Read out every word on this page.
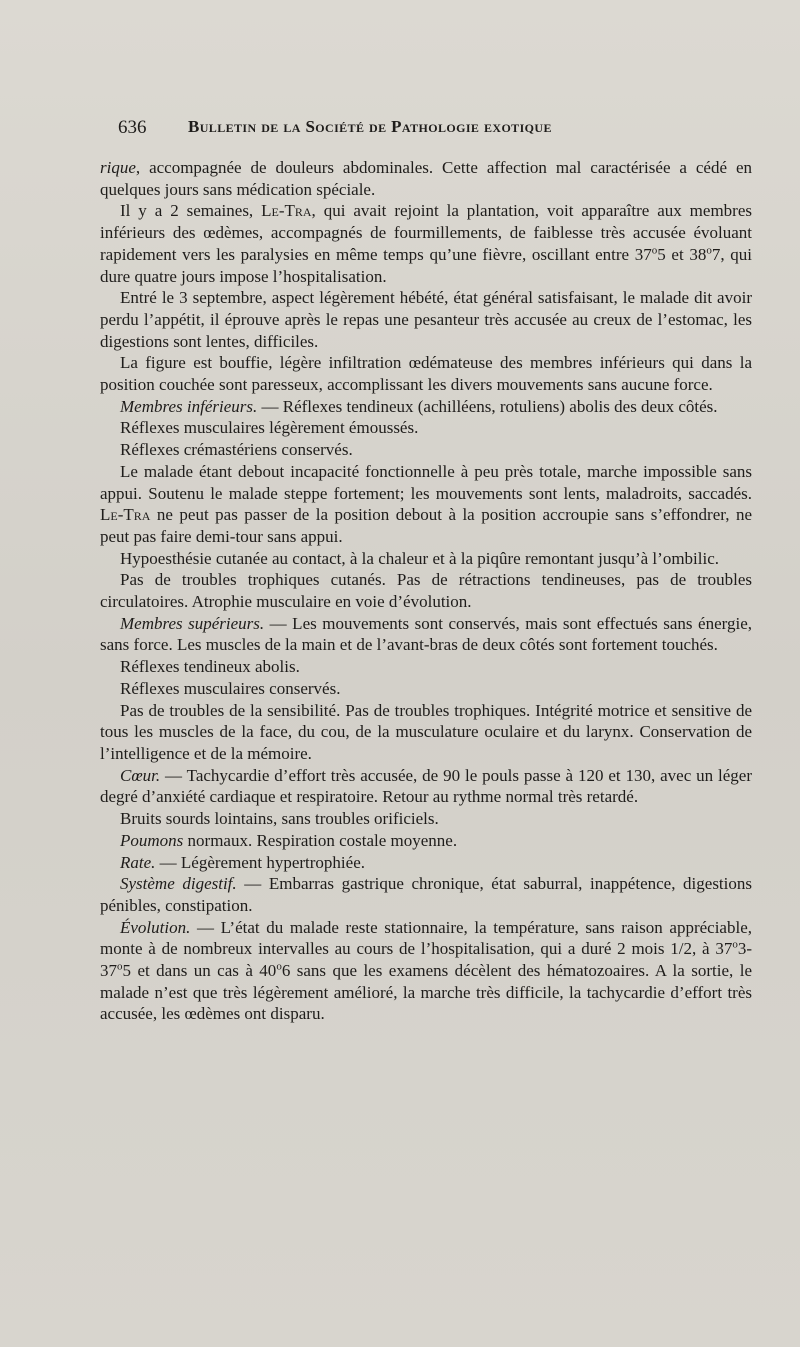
636 Bulletin de la Société de Pathologie exotique

rique, accompagnée de douleurs abdominales. Cette affection mal caractérisée a cédé en quelques jours sans médication spéciale.

Il y a 2 semaines, Le-Tra, qui avait rejoint la plantation, voit apparaître aux membres inférieurs des œdèmes, accompagnés de fourmillements, de faiblesse très accusée évoluant rapidement vers les paralysies en même temps qu’une fièvre, oscillant entre 37$^o$5 et 38$^o$7, qui dure quatre jours impose l’hospitalisation.

Entré le 3 septembre, aspect légèrement hébété, état général satisfaisant, le malade dit avoir perdu l’appétit, il éprouve après le repas une pesanteur très accusée au creux de l’estomac, les digestions sont lentes, difficiles.

La figure est bouffie, légère infiltration œdémateuse des membres inférieurs qui dans la position couchée sont paresseux, accomplissant les divers mouvements sans aucune force.

Membres inférieurs. — Réflexes tendineux (achilléens, rotuliens) abolis des deux côtés.

Réflexes musculaires légèrement émoussés.

Réflexes crémastériens conservés.

Le malade étant debout incapacité fonctionnelle à peu près totale, marche impossible sans appui. Soutenu le malade steppe fortement; les mouvements sont lents, maladroits, saccadés. Le-Tra ne peut pas passer de la position debout à la position accroupie sans s’effondrer, ne peut pas faire demi-tour sans appui.

Hypoesthésie cutanée au contact, à la chaleur et à la piqûre remontant jusqu’à l’ombilic.

Pas de troubles trophiques cutanés. Pas de rétractions tendineuses, pas de troubles circulatoires. Atrophie musculaire en voie d’évolution.

Membres supérieurs. — Les mouvements sont conservés, mais sont effectués sans énergie, sans force. Les muscles de la main et de l’avant-bras de deux côtés sont fortement touchés.

Réflexes tendineux abolis.

Réflexes musculaires conservés.

Pas de troubles de la sensibilité. Pas de troubles trophiques. Intégrité motrice et sensitive de tous les muscles de la face, du cou, de la musculature oculaire et du larynx. Conservation de l’intelligence et de la mémoire.

Cœur. — Tachycardie d’effort très accusée, de 90 le pouls passe à 120 et 130, avec un léger degré d’anxiété cardiaque et respiratoire. Retour au rythme normal très retardé.

Bruits sourds lointains, sans troubles orificiels.

Poumons normaux. Respiration costale moyenne.

Rate. — Légèrement hypertrophiée.

Système digestif. — Embarras gastrique chronique, état saburral, inappétence, digestions pénibles, constipation.

Évolution. — L’état du malade reste stationnaire, la température, sans raison appréciable, monte à de nombreux intervalles au cours de l’hospitalisation, qui a duré 2 mois 1/2, à 37$^o$3-37$^o$5 et dans un cas à 40$^o$6 sans que les examens décèlent des hématozoaires. A la sortie, le malade n’est que très légèrement amélioré, la marche très difficile, la tachycardie d’effort très accusée, les œdèmes ont disparu.
